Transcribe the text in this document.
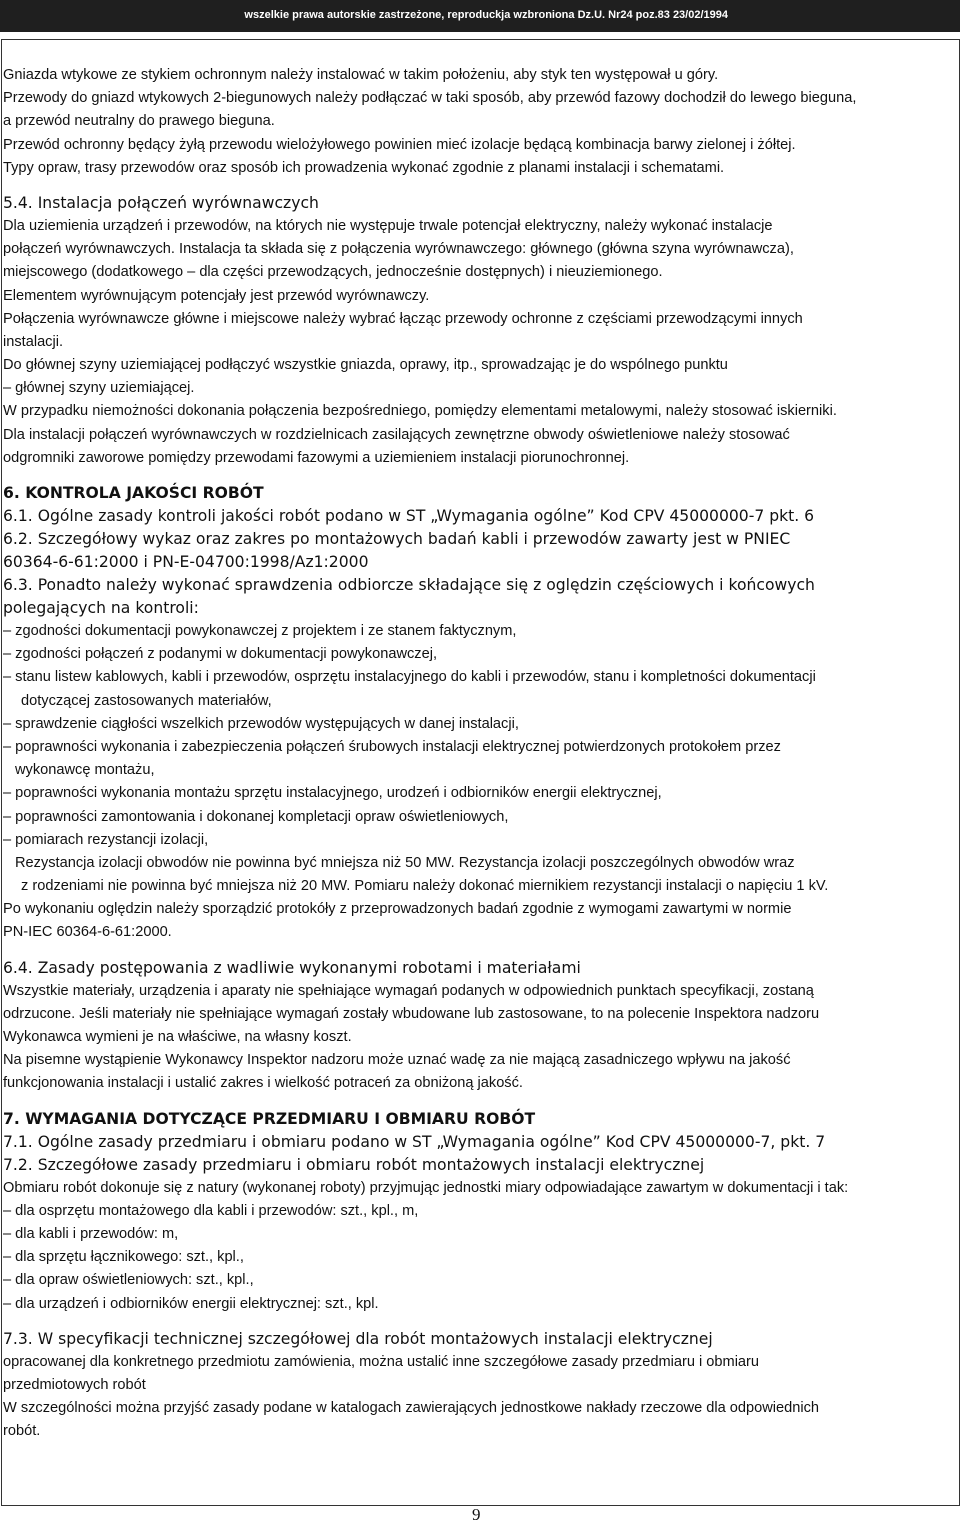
wszelkie prawa autorskie zastrzeżone, reproduckja wzbroniona Dz.U. Nr24 poz.83 23/02/1994
Gniazda wtykowe ze stykiem ochronnym należy instalować w takim położeniu, aby styk ten występował u góry.
Przewody do gniazd wtykowych 2-biegunowych należy podłączać w taki sposób, aby przewód fazowy dochodził do lewego bieguna,
a przewód neutralny do prawego bieguna.
Przewód ochronny będący żyłą przewodu wielożyłowego powinien mieć izolacje będącą kombinacja barwy zielonej i żółtej.
Typy opraw, trasy przewodów oraz sposób ich prowadzenia wykonać zgodnie z planami instalacji i schematami.
5.4. Instalacja połączeń wyrównawczych
Dla uziemienia urządzeń i przewodów, na których nie występuje trwale potencjał elektryczny, należy wykonać instalacje
połączeń wyrównawczych. Instalacja ta składa się z połączenia wyrównawczego: głównego (główna szyna wyrównawcza),
miejscowego (dodatkowego – dla części przewodzących, jednocześnie dostępnych) i nieuziemionego.
Elementem wyrównującym potencjały jest przewód wyrównawczy.
Połączenia wyrównawcze główne i miejscowe należy wybrać łącząc przewody ochronne z częściami przewodzącymi innych
instalacji.
Do głównej szyny uziemiającej podłączyć wszystkie gniazda, oprawy, itp., sprowadzając je do wspólnego punktu
– głównej szyny uziemiającej.
W przypadku niemożności dokonania połączenia bezpośredniego, pomiędzy elementami metalowymi, należy stosować iskierniki.
Dla instalacji połączeń wyrównawczych w rozdzielnicach zasilających zewnętrzne obwody oświetleniowe należy stosować
odgromniki zaworowe pomiędzy przewodami fazowymi a uziemieniem instalacji piorunochronnej.
6. KONTROLA JAKOŚCI ROBÓT
6.1. Ogólne zasady kontroli jakości robót podano w ST „Wymagania ogólne” Kod CPV 45000000-7 pkt. 6
6.2. Szczegółowy wykaz oraz zakres po montażowych badań kabli i przewodów zawarty jest w PNIEC
60364-6-61:2000 i PN-E-04700:1998/Az1:2000
6.3. Ponadto należy wykonać sprawdzenia odbiorcze składające się z oględzin częściowych i końcowych
polegających na kontroli:
– zgodności dokumentacji powykonawczej z projektem i ze stanem faktycznym,
– zgodności połączeń z podanymi w dokumentacji powykonawczej,
– stanu listew kablowych, kabli i przewodów, osprzętu instalacyjnego do kabli i przewodów, stanu i kompletności dokumentacji
dotyczącej zastosowanych materiałów,
– sprawdzenie ciągłości wszelkich przewodów występujących w danej instalacji,
– poprawności wykonania i zabezpieczenia połączeń śrubowych instalacji elektrycznej potwierdzonych protokołem przez
wykonawcę montażu,
– poprawności wykonania montażu sprzętu instalacyjnego, urodzeń i odbiorników energii elektrycznej,
– poprawności zamontowania i dokonanej kompletacji opraw oświetleniowych,
– pomiarach rezystancji izolacji,
Rezystancja izolacji obwodów nie powinna być mniejsza niż 50 MW. Rezystancja izolacji poszczególnych obwodów wraz
z rodzeniami nie powinna być mniejsza niż 20 MW. Pomiaru należy dokonać miernikiem rezystancji instalacji o napięciu 1 kV.
Po wykonaniu oględzin należy sporządzić protokóły z przeprowadzonych badań zgodnie z wymogami zawartymi w normie
PN-IEC 60364-6-61:2000.
6.4. Zasady postępowania z wadliwie wykonanymi robotami i materiałami
Wszystkie materiały, urządzenia i aparaty nie spełniające wymagań podanych w odpowiednich punktach specyfikacji, zostaną
odrzucone. Jeśli materiały nie spełniające wymagań zostały wbudowane lub zastosowane, to na polecenie Inspektora nadzoru
Wykonawca wymieni je na właściwe, na własny koszt.
Na pisemne wystąpienie Wykonawcy Inspektor nadzoru może uznać wadę za nie mającą zasadniczego wpływu na jakość
funkcjonowania instalacji i ustalić zakres i wielkość potraceń za obniżoną jakość.
7. WYMAGANIA DOTYCZĄCE PRZEDMIARU I OBMIARU ROBÓT
7.1. Ogólne zasady przedmiaru i obmiaru podano w ST „Wymagania ogólne” Kod CPV 45000000-7, pkt. 7
7.2. Szczegółowe zasady przedmiaru i obmiaru robót montażowych instalacji elektrycznej
Obmiaru robót dokonuje się z natury (wykonanej roboty) przyjmując jednostki miary odpowiadające zawartym w dokumentacji i tak:
– dla osprzętu montażowego dla kabli i przewodów: szt., kpl., m,
– dla kabli i przewodów: m,
– dla sprzętu łącznikowego: szt., kpl.,
– dla opraw oświetleniowych: szt., kpl.,
– dla urządzeń i odbiorników energii elektrycznej: szt., kpl.
7.3. W specyfikacji technicznej szczegółowej dla robót montażowych instalacji elektrycznej
opracowanej dla konkretnego przedmiotu zamówienia, można ustalić inne szczegółowe zasady przedmiaru i obmiaru
przedmiotowych robót
W szczególności można przyjść zasady podane w katalogach zawierających jednostkowe nakłady rzeczowe dla odpowiednich
robót.
9
